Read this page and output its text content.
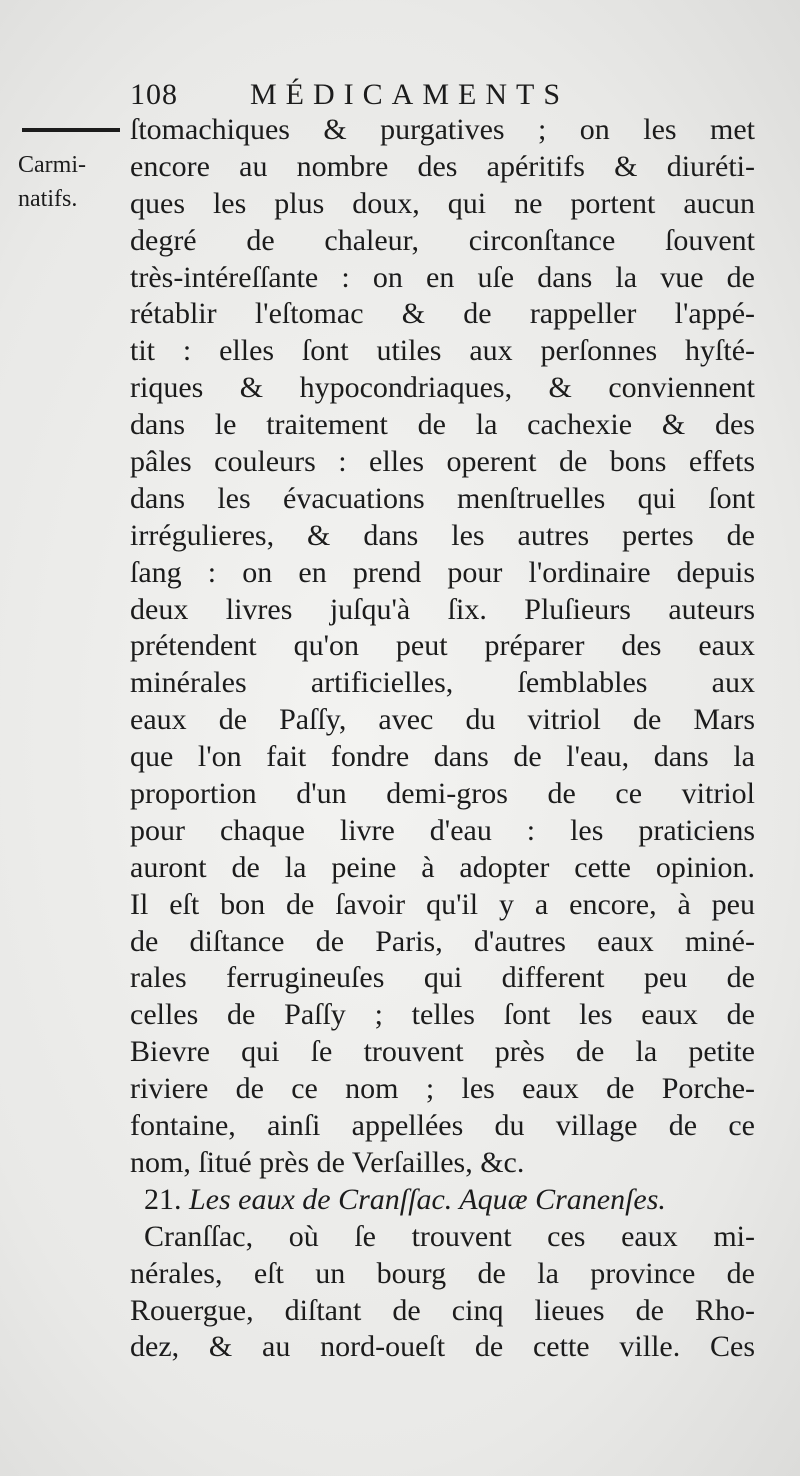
108 MÉDICAMENTS
Carmi-
natifs.
ſtomachiques & purgatives ; on les met
encore au nombre des apéritifs & diuréti-
ques les plus doux, qui ne portent aucun
degré de chaleur, circonſtance ſouvent
très-intéreſſante : on en uſe dans la vue de
rétablir l'eſtomac & de rappeller l'appé-
tit : elles ſont utiles aux perſonnes hyſté-
riques & hypocondriaques, & conviennent
dans le traitement de la cachexie & des
pâles couleurs : elles operent de bons effets
dans les évacuations menſtruelles qui ſont
irrégulieres, & dans les autres pertes de
ſang : on en prend pour l'ordinaire depuis
deux livres juſqu'à ſix. Pluſieurs auteurs
prétendent qu'on peut préparer des eaux
minérales artificielles, ſemblables aux
eaux de Paſſy, avec du vitriol de Mars
que l'on fait fondre dans de l'eau, dans la
proportion d'un demi-gros de ce vitriol
pour chaque livre d'eau : les praticiens
auront de la peine à adopter cette opinion.
Il eſt bon de ſavoir qu'il y a encore, à peu
de diſtance de Paris, d'autres eaux miné-
rales ferrugineuſes qui different peu de
celles de Paſſy ; telles ſont les eaux de
Bievre qui ſe trouvent près de la petite
riviere de ce nom ; les eaux de Porche-
fontaine, ainſi appellées du village de ce
nom, ſitué près de Verſailles, &c.
21. Les eaux de Cranſſac. Aquæ Cranenſes.
Cranſſac, où ſe trouvent ces eaux mi-
nérales, eſt un bourg de la province de
Rouergue, diſtant de cinq lieues de Rho-
dez, & au nord-oueſt de cette ville. Ces
